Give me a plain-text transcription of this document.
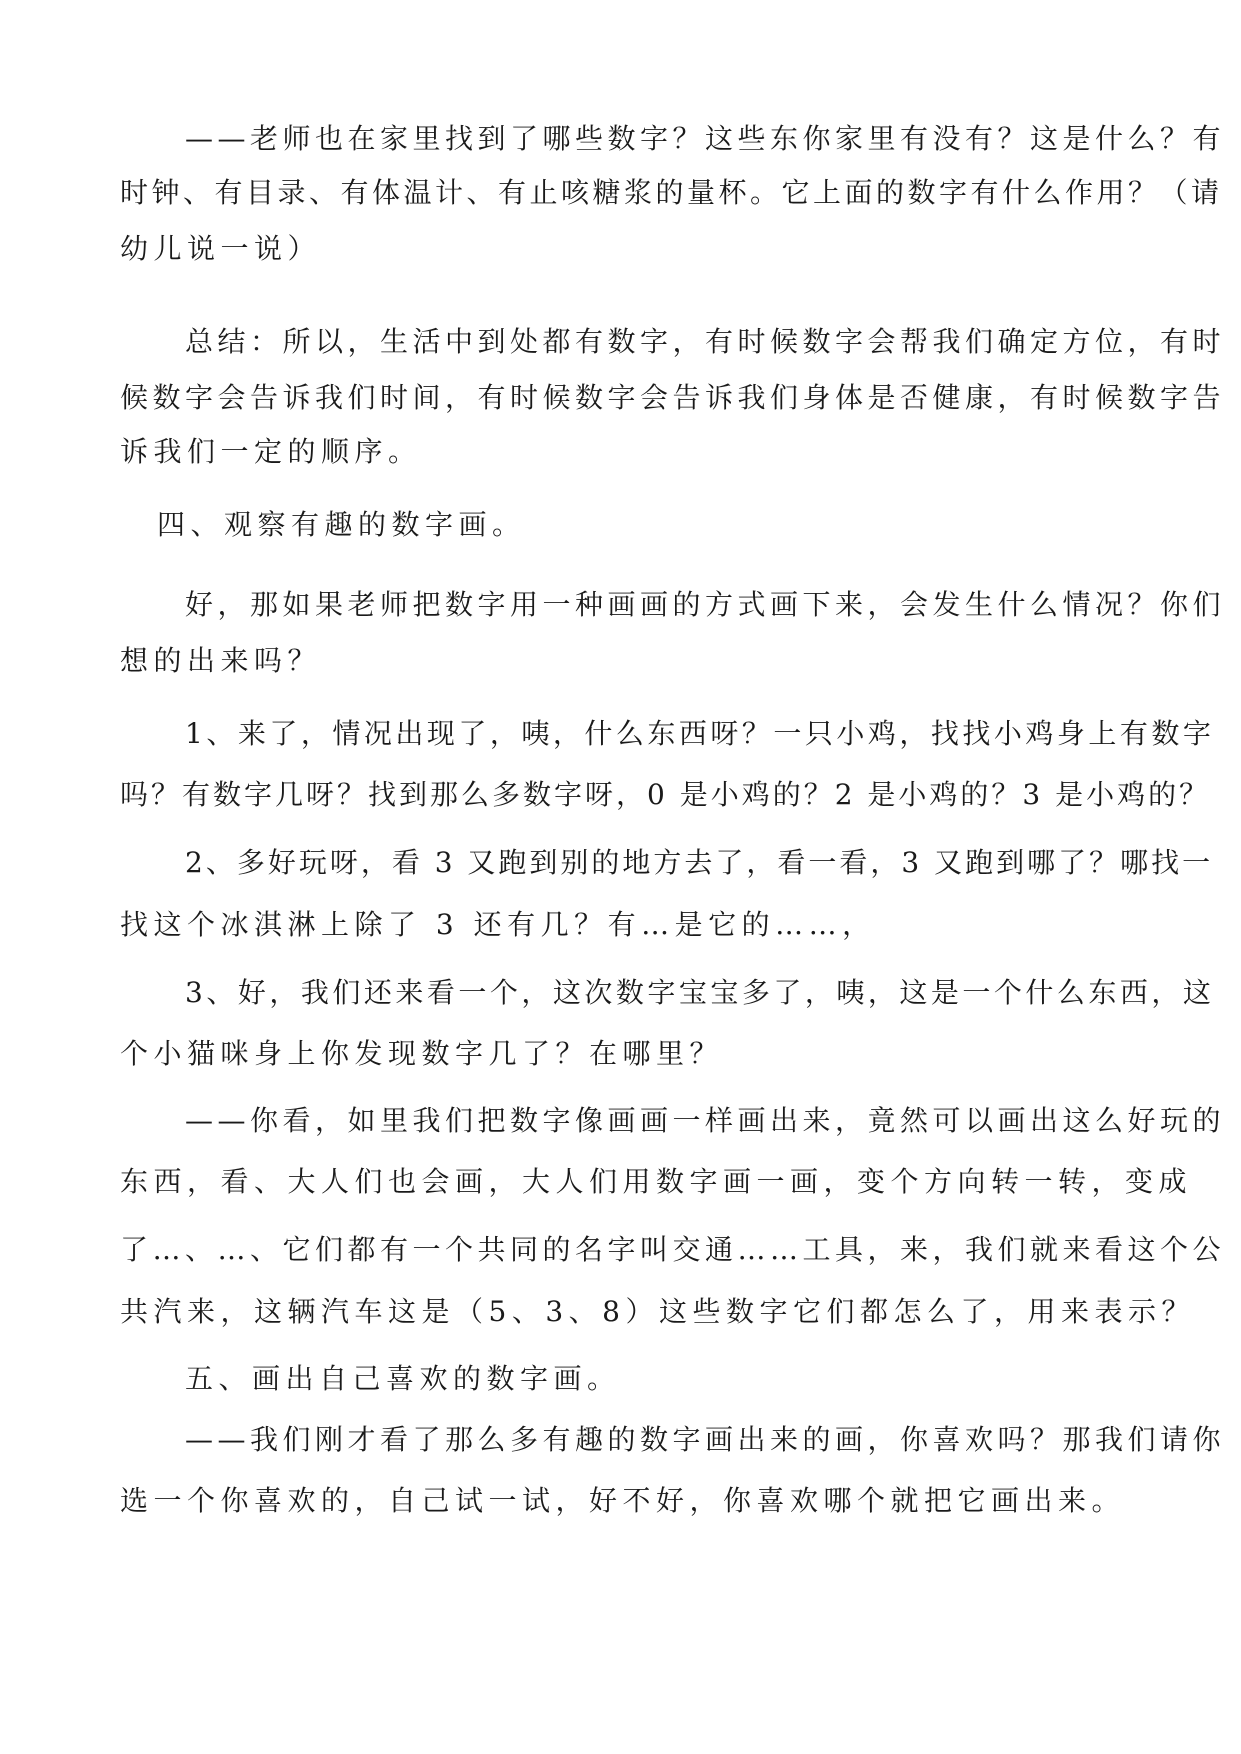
——老师也在家里找到了哪些数字？这些东你家里有没有？这是什么？有

时钟、有目录、有体温计、有止咳糖浆的量杯。它上面的数字有什么作用？（请

幼儿说一说）

总结：所以，生活中到处都有数字，有时候数字会帮我们确定方位，有时

候数字会告诉我们时间，有时候数字会告诉我们身体是否健康，有时候数字告

诉我们一定的顺序。

四、观察有趣的数字画。

好，那如果老师把数字用一种画画的方式画下来，会发生什么情况？你们

想的出来吗？

1、来了，情况出现了，咦，什么东西呀？一只小鸡，找找小鸡身上有数字

吗？有数字几呀？找到那么多数字呀，0 是小鸡的？2 是小鸡的？3 是小鸡的？

2、多好玩呀，看 3 又跑到别的地方去了，看一看，3 又跑到哪了？哪找一

找这个冰淇淋上除了 3 还有几？有…是它的……，

3、好，我们还来看一个，这次数字宝宝多了，咦，这是一个什么东西，这

个小猫咪身上你发现数字几了？在哪里？

——你看，如里我们把数字像画画一样画出来，竟然可以画出这么好玩的

东西，看、大人们也会画，大人们用数字画一画，变个方向转一转，变成

了…、…、它们都有一个共同的名字叫交通……工具，来，我们就来看这个公

共汽来，这辆汽车这是（5、3、8）这些数字它们都怎么了，用来表示？

五、画出自己喜欢的数字画。

——我们刚才看了那么多有趣的数字画出来的画，你喜欢吗？那我们请你

选一个你喜欢的，自己试一试，好不好，你喜欢哪个就把它画出来。
